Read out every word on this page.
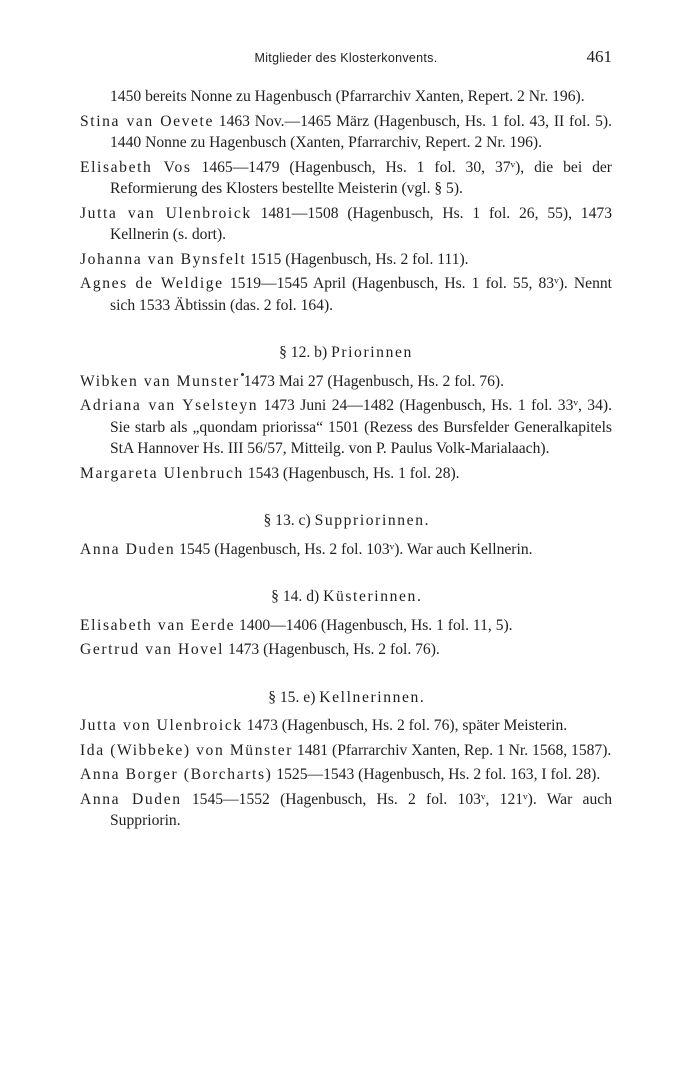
Mitglieder des Klosterkonvents.	461

1450 bereits Nonne zu Hagenbusch (Pfarrarchiv Xanten, Repert. 2 Nr. 196).

Stina van Oevete 1463 Nov.—1465 März (Hagenbusch, Hs. 1 fol. 43, II fol. 5). 1440 Nonne zu Hagenbusch (Xanten, Pfarrarchiv, Repert. 2 Nr. 196).

Elisabeth Vos 1465—1479 (Hagenbusch, Hs. 1 fol. 30, 37ᵛ), die bei der Reformierung des Klosters bestellte Meisterin (vgl. § 5).

Jutta van Ulenbroick 1481—1508 (Hagenbusch, Hs. 1 fol. 26, 55), 1473 Kellnerin (s. dort).

Johanna van Bynsfelt 1515 (Hagenbusch, Hs. 2 fol. 111).

Agnes de Weldige 1519—1545 April (Hagenbusch, Hs. 1 fol. 55, 83ᵛ). Nennt sich 1533 Äbtissin (das. 2 fol. 164).

§ 12. b) Priorinnen

Wibken van Munster 1473 Mai 27 (Hagenbusch, Hs. 2 fol. 76).

Adriana van Yselsteyn 1473 Juni 24—1482 (Hagenbusch, Hs. 1 fol. 33ᵛ, 34). Sie starb als „quondam priorissa“ 1501 (Rezess des Bursfelder Generalkapitels StA Hannover Hs. III 56/57, Mitteilg. von P. Paulus Volk-Marialaach).

Margareta Ulenbruch 1543 (Hagenbusch, Hs. 1 fol. 28).

§ 13. c) Suppriorinnen.

Anna Duden 1545 (Hagenbusch, Hs. 2 fol. 103ᵛ). War auch Kellnerin.

§ 14. d) Küsterinnen.

Elisabeth van Eerde 1400—1406 (Hagenbusch, Hs. 1 fol. 11, 5).

Gertrud van Hovel 1473 (Hagenbusch, Hs. 2 fol. 76).

§ 15. e) Kellnerinnen.

Jutta von Ulenbroick 1473 (Hagenbusch, Hs. 2 fol. 76), später Meisterin.

Ida (Wibbeke) von Münster 1481 (Pfarrarchiv Xanten, Rep. 1 Nr. 1568, 1587).

Anna Borger (Borcharts) 1525—1543 (Hagenbusch, Hs. 2 fol. 163, I fol. 28).

Anna Duden 1545—1552 (Hagenbusch, Hs. 2 fol. 103ᵛ, 121ᵛ). War auch Suppriorin.
